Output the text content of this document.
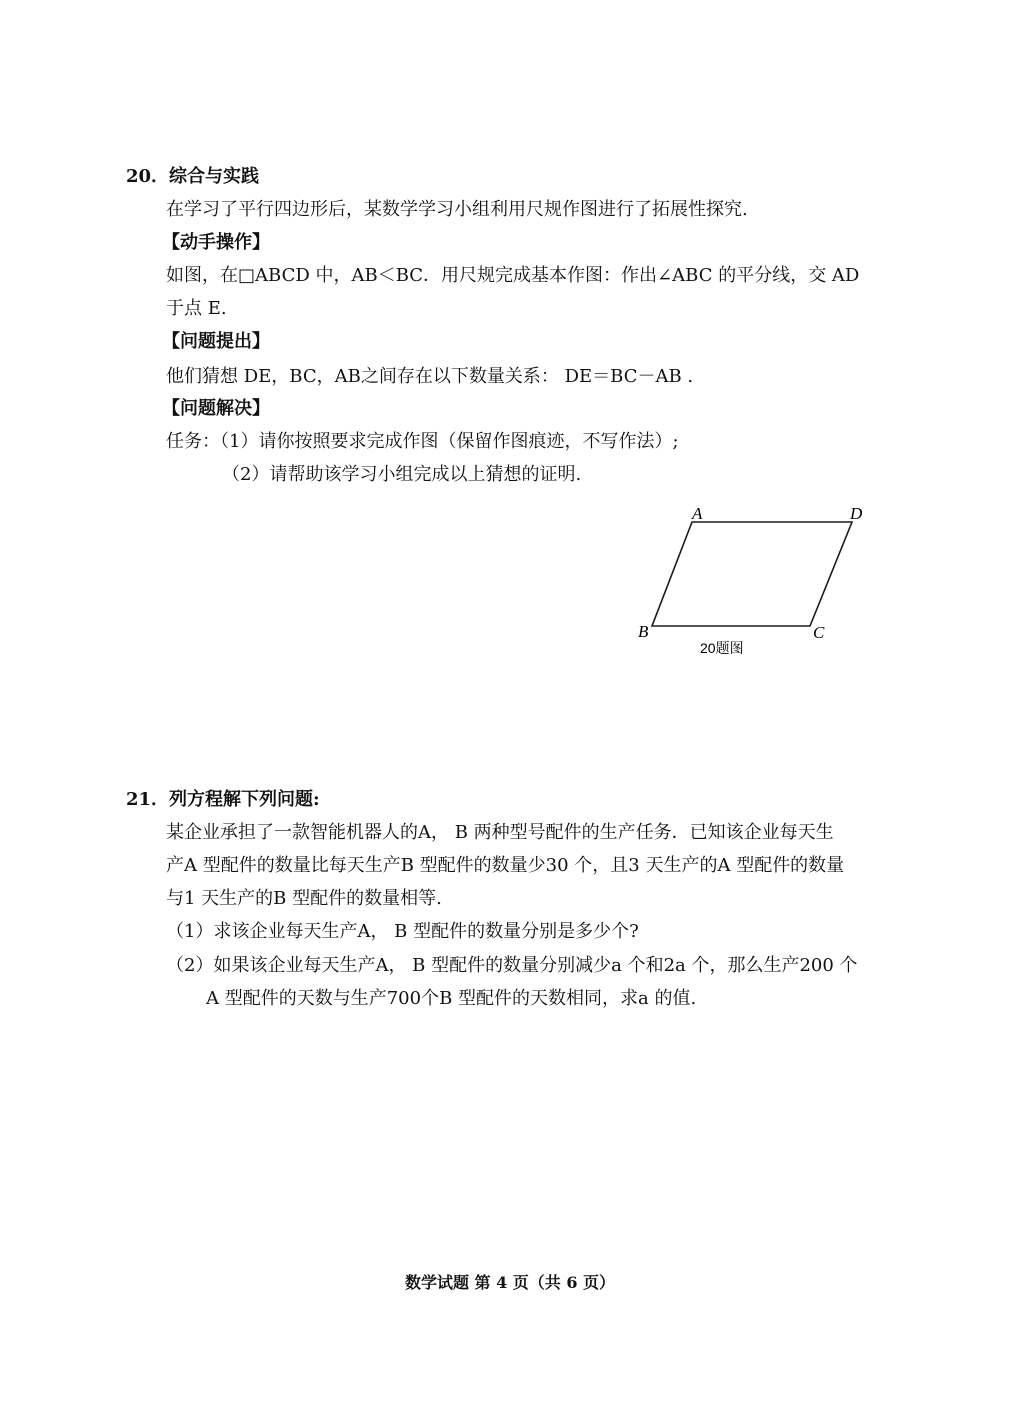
20．综合与实践
在学习了平行四边形后，某数学学习小组利用尺规作图进行了拓展性探究.
【动手操作】
如图，在□ABCD 中，AB＜BC．用尺规完成基本作图：作出∠ABC 的平分线，交 AD
于点 E.
【问题提出】
他们猜想 DE，BC，AB之间存在以下数量关系： DE＝BC－AB .
【问题解决】
任务：（1）请你按照要求完成作图（保留作图痕迹，不写作法）;
（2）请帮助该学习小组完成以上猜想的证明.
A	D
B	C
20题图
21．列方程解下列问题:
某企业承担了一款智能机器人的A， B 两种型号配件的生产任务．已知该企业每天生
产A 型配件的数量比每天生产B 型配件的数量少30 个，且3 天生产的A 型配件的数量
与1 天生产的B 型配件的数量相等.
（1）求该企业每天生产A， B 型配件的数量分别是多少个?
（2）如果该企业每天生产A， B 型配件的数量分别减少a 个和2a 个，那么生产200 个
A 型配件的天数与生产700个B 型配件的天数相同，求a 的值.
数学试题 第 4 页（共 6 页）
